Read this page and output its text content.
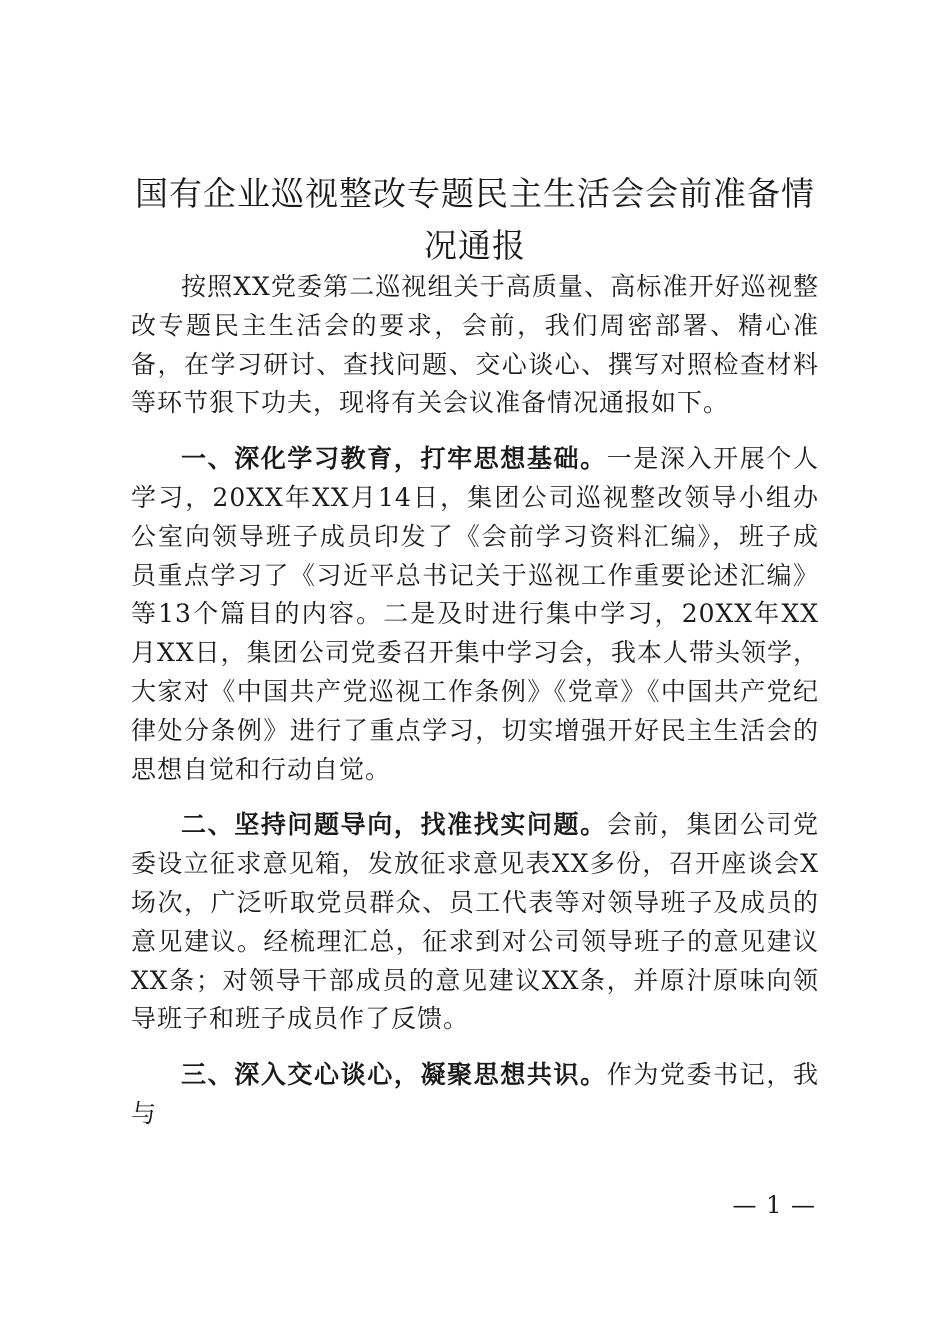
国有企业巡视整改专题民主生活会会前准备情况通报

按照XX党委第二巡视组关于高质量、高标准开好巡视整改专题民主生活会的要求，会前，我们周密部署、精心准备，在学习研讨、查找问题、交心谈心、撰写对照检查材料等环节狠下功夫，现将有关会议准备情况通报如下。

一、深化学习教育，打牢思想基础。一是深入开展个人学习，20XX年XX月14日，集团公司巡视整改领导小组办公室向领导班子成员印发了《会前学习资料汇编》，班子成员重点学习了《习近平总书记关于巡视工作重要论述汇编》等13个篇目的内容。二是及时进行集中学习，20XX年XX月XX日，集团公司党委召开集中学习会，我本人带头领学，大家对《中国共产党巡视工作条例》《党章》《中国共产党纪律处分条例》进行了重点学习，切实增强开好民主生活会的思想自觉和行动自觉。

二、坚持问题导向，找准找实问题。会前，集团公司党委设立征求意见箱，发放征求意见表XX多份，召开座谈会X场次，广泛听取党员群众、员工代表等对领导班子及成员的意见建议。经梳理汇总，征求到对公司领导班子的意见建议XX条；对领导干部成员的意见建议XX条，并原汁原味向领导班子和班子成员作了反馈。

三、深入交心谈心，凝聚思想共识。作为党委书记，我与

— 1 —
